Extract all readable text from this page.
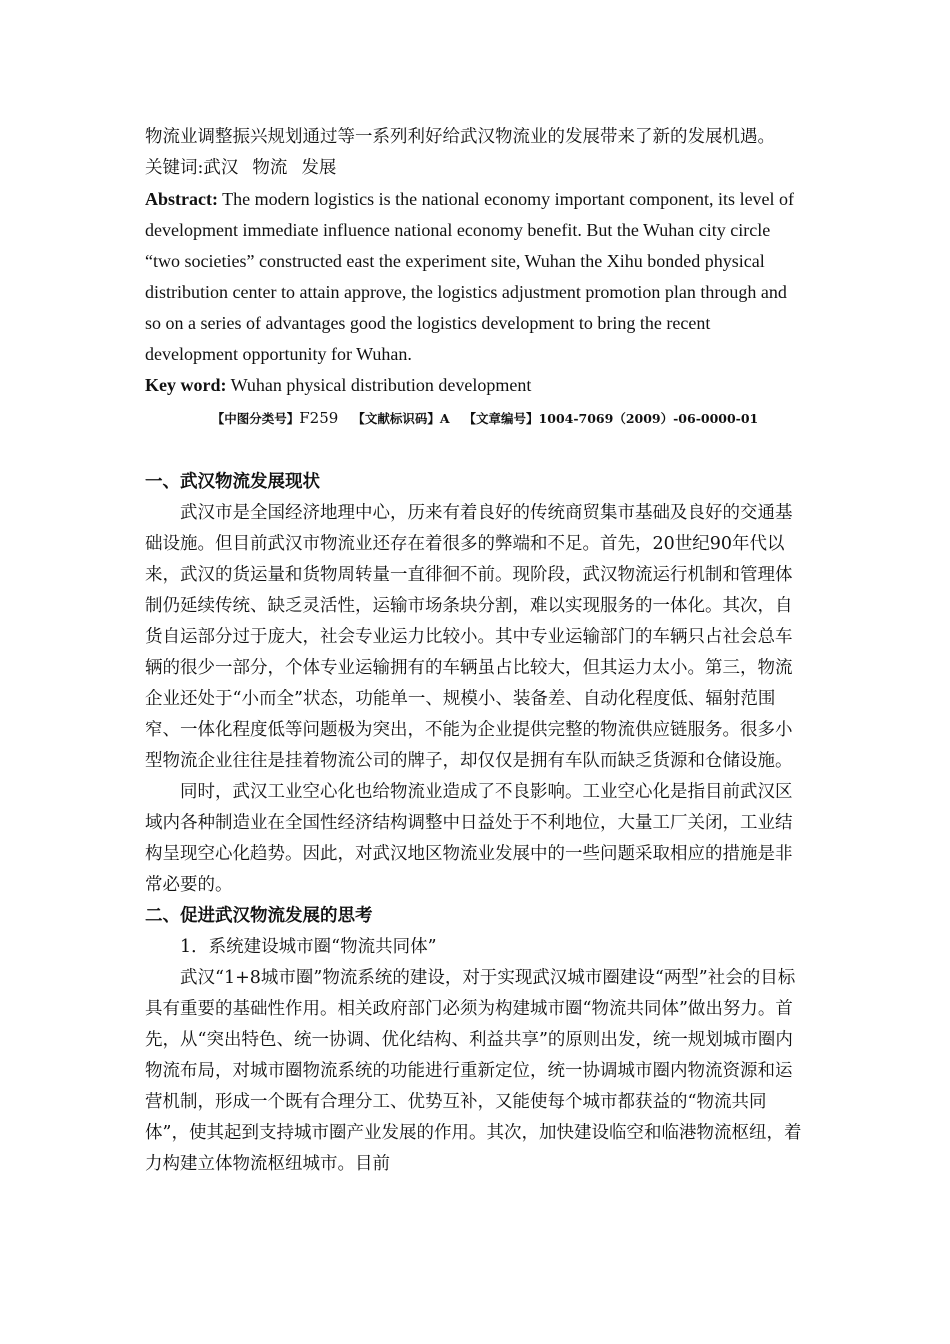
物流业调整振兴规划通过等一系列利好给武汉物流业的发展带来了新的发展机遇。

关键词:武汉 物流 发展

Abstract: The modern logistics is the national economy important component, its level of development immediate influence national economy benefit. But the Wuhan city circle “two societies” constructed east the experiment site, Wuhan the Xihu bonded physical distribution center to attain approve, the logistics adjustment promotion plan through and so on a series of advantages good the logistics development to bring the recent development opportunity for Wuhan.

Key word: Wuhan physical distribution development

【中图分类号】F259 【文献标识码】A 【文章编号】1004-7069（2009）-06-0000-01

一、武汉物流发展现状

武汉市是全国经济地理中心，历来有着良好的传统商贸集市基础及良好的交通基础设施。但目前武汉市物流业还存在着很多的弊端和不足。首先，20世纪90年代以来，武汉的货运量和货物周转量一直徘徊不前。现阶段，武汉物流运行机制和管理体制仍延续传统、缺乏灵活性，运输市场条块分割，难以实现服务的一体化。其次，自货自运部分过于庞大，社会专业运力比较小。其中专业运输部门的车辆只占社会总车辆的很少一部分，个体专业运输拥有的车辆虽占比较大，但其运力太小。第三，物流企业还处于“小而全”状态，功能单一、规模小、装备差、自动化程度低、辐射范围窄、一体化程度低等问题极为突出，不能为企业提供完整的物流供应链服务。很多小型物流企业往往是挂着物流公司的牌子，却仅仅是拥有车队而缺乏货源和仓储设施。

同时，武汉工业空心化也给物流业造成了不良影响。工业空心化是指目前武汉区域内各种制造业在全国性经济结构调整中日益处于不利地位，大量工厂关闭，工业结构呈现空心化趋势。因此，对武汉地区物流业发展中的一些问题采取相应的措施是非常必要的。

二、促进武汉物流发展的思考

1．系统建设城市圈“物流共同体”

武汉“1+8城市圈”物流系统的建设，对于实现武汉城市圈建设“两型”社会的目标具有重要的基础性作用。相关政府部门必须为构建城市圈“物流共同体”做出努力。首先，从“突出特色、统一协调、优化结构、利益共享”的原则出发，统一规划城市圈内物流布局，对城市圈物流系统的功能进行重新定位，统一协调城市圈内物流资源和运营机制，形成一个既有合理分工、优势互补，又能使每个城市都获益的“物流共同体”，使其起到支持城市圈产业发展的作用。其次，加快建设临空和临港物流枢纽，着力构建立体物流枢纽城市。目前
